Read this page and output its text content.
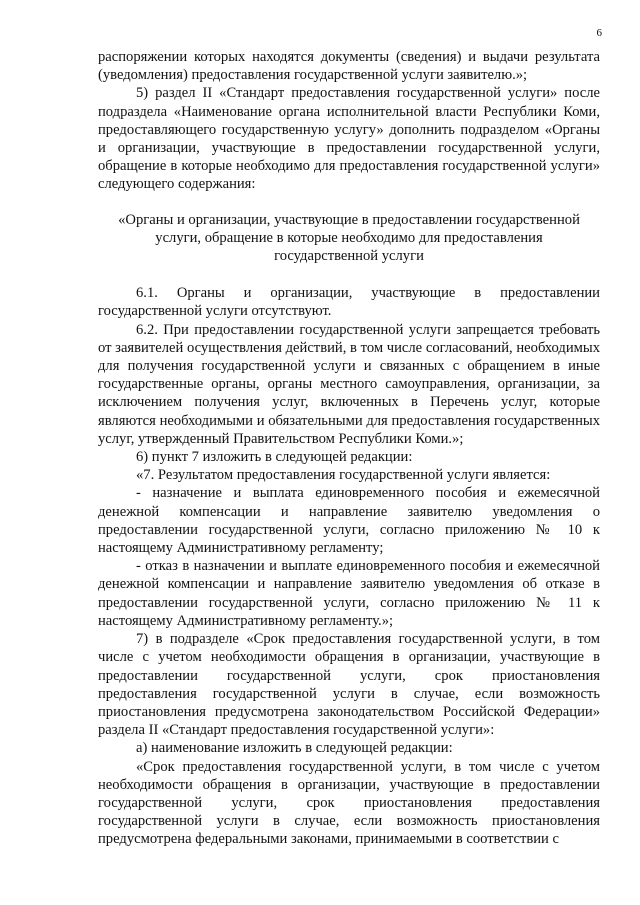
6

распоряжении которых находятся документы (сведения) и выдачи результата (уведомления) предоставления государственной услуги заявителю.»;

5) раздел II «Стандарт предоставления государственной услуги» после подраздела «Наименование органа исполнительной власти Республики Коми, предоставляющего государственную услугу» дополнить подразделом «Органы и организации, участвующие в предоставлении государственной услуги, обращение в которые необходимо для предоставления государственной услуги» следующего содержания:

«Органы и организации, участвующие в предоставлении государственной
услуги, обращение в которые необходимо для предоставления
государственной услуги

6.1. Органы и организации, участвующие в предоставлении государственной услуги отсутствуют.

6.2. При предоставлении государственной услуги запрещается требовать от заявителей осуществления действий, в том числе согласований, необходимых для получения государственной услуги и связанных с обращением в иные государственные органы, органы местного самоуправления, организации, за исключением получения услуг, включенных в Перечень услуг, которые являются необходимыми и обязательными для предоставления государственных услуг, утвержденный Правительством Республики Коми.»;

6) пункт 7 изложить в следующей редакции:

«7. Результатом предоставления государственной услуги является:

- назначение и выплата единовременного пособия и ежемесячной денежной компенсации и направление заявителю уведомления о предоставлении государственной услуги, согласно приложению № 10 к настоящему Административному регламенту;

- отказ в назначении и выплате единовременного пособия и ежемесячной денежной компенсации и направление заявителю уведомления об отказе в предоставлении государственной услуги, согласно приложению № 11 к настоящему Административному регламенту.»;

7) в подразделе «Срок предоставления государственной услуги, в том числе с учетом необходимости обращения в организации, участвующие в предоставлении государственной услуги, срок приостановления предоставления государственной услуги в случае, если возможность приостановления предусмотрена законодательством Российской Федерации» раздела II «Стандарт предоставления государственной услуги»:

а) наименование изложить в следующей редакции:

«Срок предоставления государственной услуги, в том числе с учетом необходимости обращения в организации, участвующие в предоставлении государственной услуги, срок приостановления предоставления государственной услуги в случае, если возможность приостановления предусмотрена федеральными законами, принимаемыми в соответствии с
